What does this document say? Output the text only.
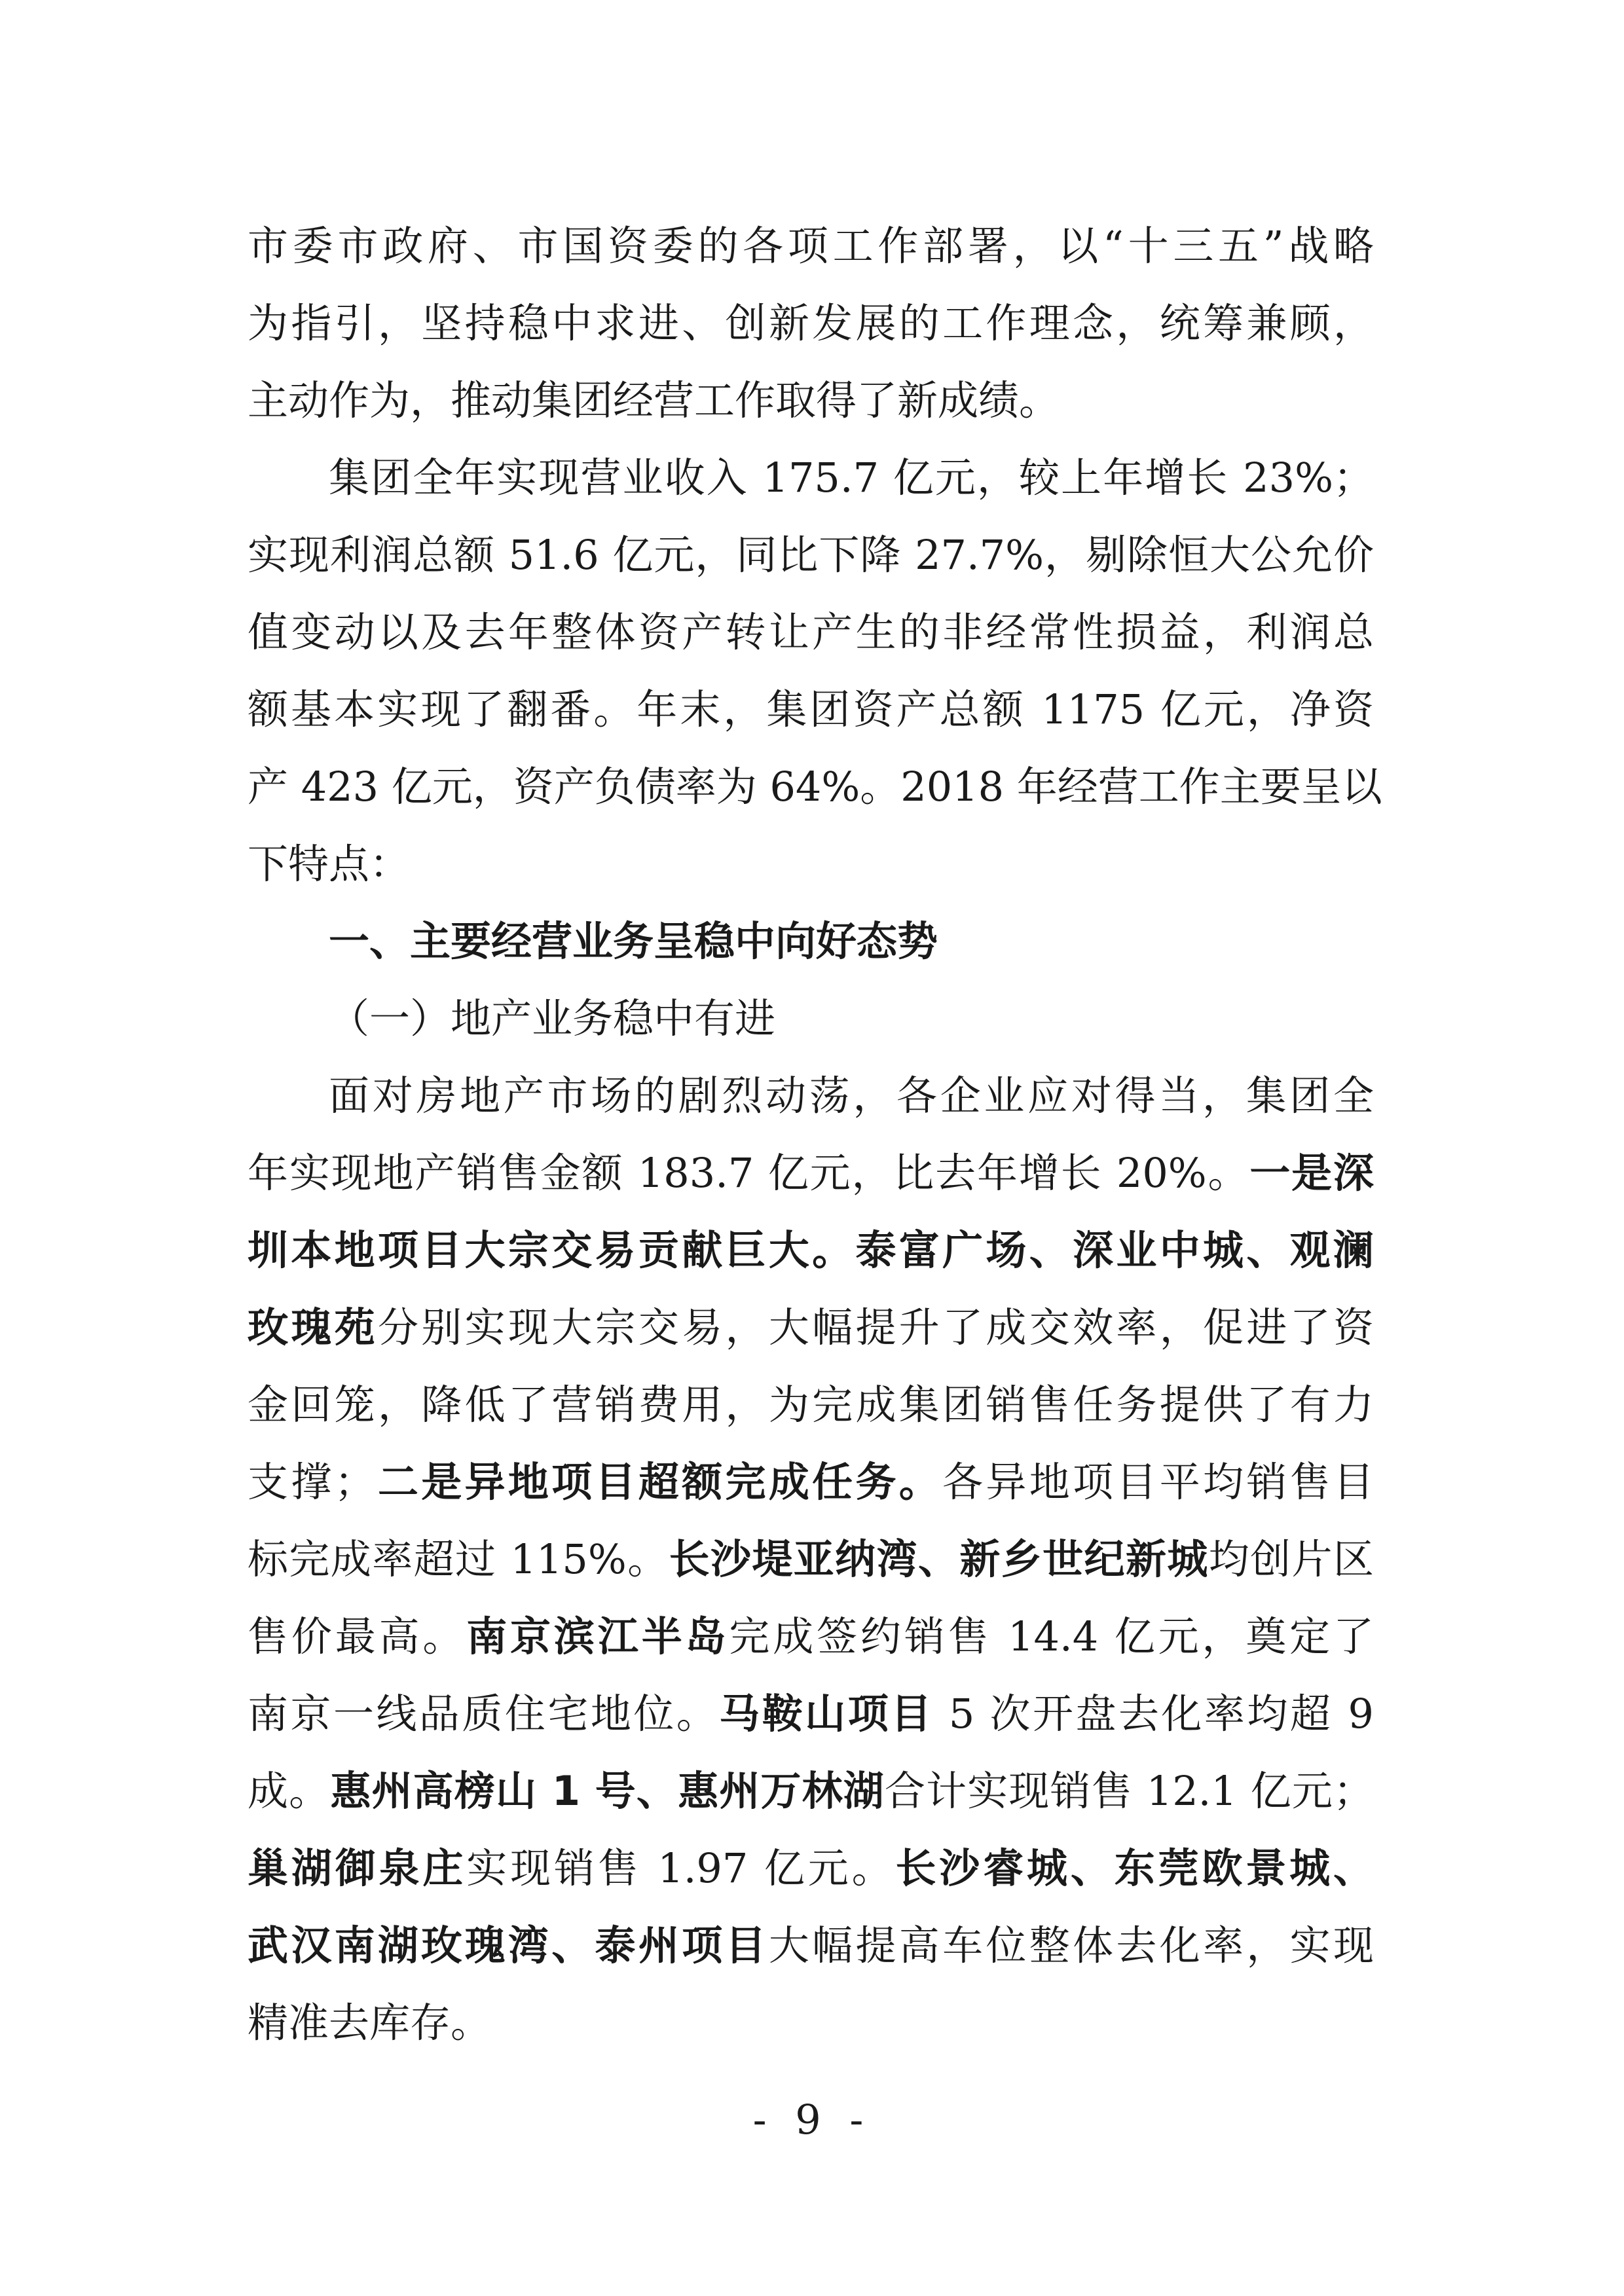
市委市政府、市国资委的各项工作部署，以“十三五”战略
为指引，坚持稳中求进、创新发展的工作理念，统筹兼顾，
主动作为，推动集团经营工作取得了新成绩。
集团全年实现营业收入 175.7 亿元，较上年增长 23%；
实现利润总额 51.6 亿元，同比下降 27.7%，剔除恒大公允价
值变动以及去年整体资产转让产生的非经常性损益，利润总
额基本实现了翻番。年末，集团资产总额 1175 亿元，净资
产 423 亿元，资产负债率为 64%。2018 年经营工作主要呈以
下特点：
一、主要经营业务呈稳中向好态势
（一）地产业务稳中有进
面对房地产市场的剧烈动荡，各企业应对得当，集团全
年实现地产销售金额 183.7 亿元，比去年增长 20%。一是深
圳本地项目大宗交易贡献巨大。泰富广场、深业中城、观澜
玫瑰苑分别实现大宗交易，大幅提升了成交效率，促进了资
金回笼，降低了营销费用，为完成集团销售任务提供了有力
支撑；二是异地项目超额完成任务。各异地项目平均销售目
标完成率超过 115%。长沙堤亚纳湾、新乡世纪新城均创片区
售价最高。南京滨江半岛完成签约销售 14.4 亿元，奠定了
南京一线品质住宅地位。马鞍山项目 5 次开盘去化率均超 9
成。惠州高榜山 1 号、惠州万林湖合计实现销售 12.1 亿元；
巢湖御泉庄实现销售 1.97 亿元。长沙睿城、东莞欧景城、
武汉南湖玫瑰湾、泰州项目大幅提高车位整体去化率，实现
精准去库存。
- 9 -
